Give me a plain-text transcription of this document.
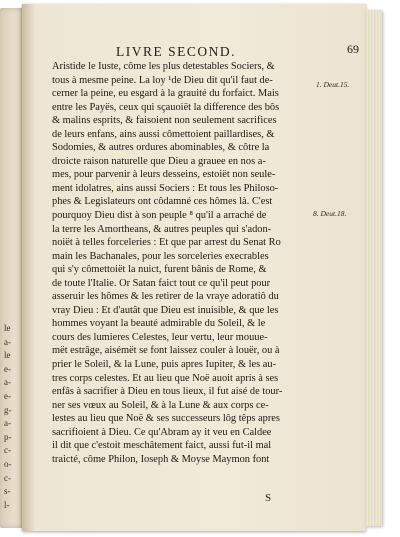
le
a-
le
e-
a-
e-
g-
a-
p-
c-
o-
c-
s-
l-
LIVRE SECOND.	69
Aristide le Iuste, côme les plus detestables Sociers, &
tous à mesme peine. La loy ¹de Dieu dit qu'il faut de-
cerner la peine, eu esgard à la grauité du forfaict. Mais
entre les Payës, ceux qui sçauoiët la difference des bôs
& malins esprits, & faisoient non seulement sacrifices
de leurs enfans, ains aussi cômettoient paillardises, &
Sodomies, & autres ordures abominables, & côtre la
droicte raison naturelle que Dieu a grauee en nos a-
mes, pour parvenir à leurs desseins, estoiët non seule-
ment idolatres, ains aussi Sociers : Et tous les Philoso-
phes & Legislateurs ont côdamné ces hômes là. C'est
pourquoy Dieu dist à son peuple ⁸ qu'il a arraché de
la terre les Amortheans, & autres peuples qui s'adon-
noiët à telles forceleries : Et que par arrest du Senat Ro
main les Bachanales, pour les sorceleries execrables
qui s'y cômettoiët la nuict, furent bânis de Rome, &
de toute l'Italie. Or Satan faict tout ce qu'il peut pour
asseruir les hômes & les retirer de la vraye adoratiô du
vray Dieu : Et d'autât que Dieu est inuisible, & que les
hommes voyant la beauté admirable du Soleil, & le
cours des lumieres Celestes, leur vertu, leur mouue-
mët estrâge, aisémët se font laissez couler à louër, ou à
prier le Soleil, & la Lune, puis apres Iupiter, & les au-
tres corps celestes. Et au lieu que Noë auoit apris à ses
enfâs à sacrifier à Dieu en tous lieux, il fut aisé de tour-
ner ses vœux au Soleil, & à la Lune & aux corps ce-
lestes au lieu que Noë & ses successeurs lôg têps apres
sacrifioient à Dieu. Ce qu'Abram ay it veu en Caldee
il dit que c'estoit meschâtement faict, aussi fut-il mal
traicté, côme Philon, Ioseph & Moyse Maymon font
1. Deut.15.
8. Deut.18.
S
